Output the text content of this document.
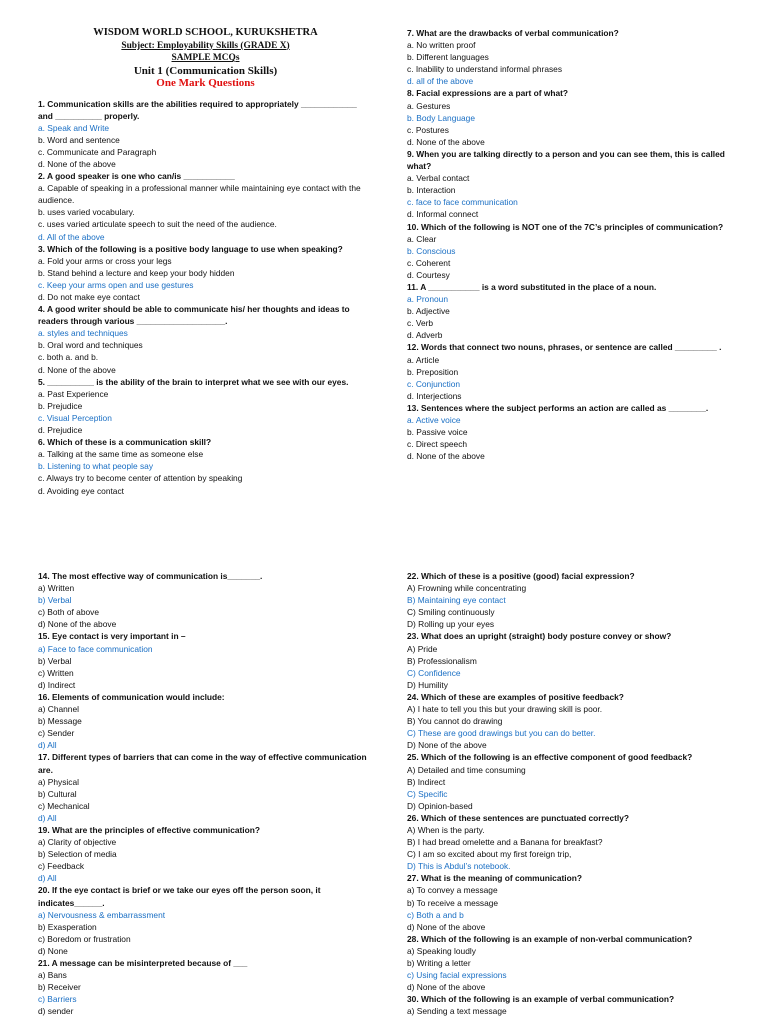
WISDOM WORLD SCHOOL, KURUKSHETRA
Subject: Employability Skills (GRADE X)
SAMPLE MCQs
Unit 1 (Communication Skills)
One Mark Questions
1. Communication skills are the abilities required to appropriately ____________ and __________ properly.
a. Speak and Write
b. Word and sentence
c. Communicate and Paragraph
d. None of the above
2. A good speaker is one who can/is ___________
a. Capable of speaking in a professional manner while maintaining eye contact with the audience.
b. uses varied vocabulary.
c. uses varied articulate speech to suit the need of the audience.
d. All of the above
3. Which of the following is a positive body language to use when speaking?
a. Fold your arms or cross your legs
b. Stand behind a lecture and keep your body hidden
c. Keep your arms open and use gestures
d. Do not make eye contact
4. A good writer should be able to communicate his/ her thoughts and ideas to readers through various ___________________.
a. styles and techniques
b. Oral word and techniques
c. both a. and b.
d. None of the above
5. __________ is the ability of the brain to interpret what we see with our eyes.
a. Past Experience
b. Prejudice
c. Visual Perception
d. Prejudice
6. Which of these is a communication skill?
a. Talking at the same time as someone else
b. Listening to what people say
c. Always try to become center of attention by speaking
d. Avoiding eye contact
7. What are the drawbacks of verbal communication?
a. No written proof
b. Different languages
c. Inability to understand informal phrases
d. all of the above
8. Facial expressions are a part of what?
a. Gestures
b. Body Language
c. Postures
d. None of the above
9. When you are talking directly to a person and you can see them, this is called what?
a. Verbal contact
b. Interaction
c. face to face communication
d. Informal connect
10. Which of the following is NOT one of the 7C’s principles of communication?
a. Clear
b. Conscious
c. Coherent
d. Courtesy
11. A ___________ is a word substituted in the place of a noun.
a. Pronoun
b. Adjective
c. Verb
d. Adverb
12. Words that connect two nouns, phrases, or sentence are called _________ .
a. Article
b. Preposition
c. Conjunction
d. Interjections
13. Sentences where the subject performs an action are called as ________.
a. Active voice
b. Passive voice
c. Direct speech
d. None of the above
14. The most effective way of communication is_______.
a) Written
b) Verbal
c) Both of above
d) None of the above
15. Eye contact is very important in –
a) Face to face communication
b) Verbal
c) Written
d) Indirect
16. Elements of communication would include:
a) Channel
b) Message
c) Sender
d) All
17. Different types of barriers that can come in the way of effective communication are.
a) Physical
b) Cultural
c) Mechanical
d) All
19. What are the principles of effective communication?
a) Clarity of objective
b) Selection of media
c) Feedback
d) All
20. If the eye contact is brief or we take our eyes off the person soon, it indicates______.
a) Nervousness & embarrassment
b) Exasperation
c) Boredom or frustration
d) None
21. A message can be misinterpreted because of ___
a) Bans
b) Receiver
c) Barriers
d) sender
22. Which of these is a positive (good) facial expression?
A) Frowning while concentrating
B) Maintaining eye contact
C) Smiling continuously
D) Rolling up your eyes
23. What does an upright (straight) body posture convey or show?
A) Pride
B) Professionalism
C) Confidence
D) Humility
24. Which of these are examples of positive feedback?
A) I hate to tell you this but your drawing skill is poor.
B) You cannot do drawing
C) These are good drawings but you can do better.
D) None of the above
25. Which of the following is an effective component of good feedback?
A) Detailed and time consuming
B) Indirect
C) Specific
D) Opinion-based
26. Which of these sentences are punctuated correctly?
A) When is the party.
B) I had bread omelette and a Banana for breakfast?
C) I am so excited about my first foreign trip,
D) This is Abdul’s notebook.
27. What is the meaning of communication?
a) To convey a message
b) To receive a message
c) Both a and b
d) None of the above
28. Which of the following is an example of non-verbal communication?
a) Speaking loudly
b) Writing a letter
c) Using facial expressions
d) None of the above
30. Which of the following is an example of verbal communication?
a) Sending a text message
